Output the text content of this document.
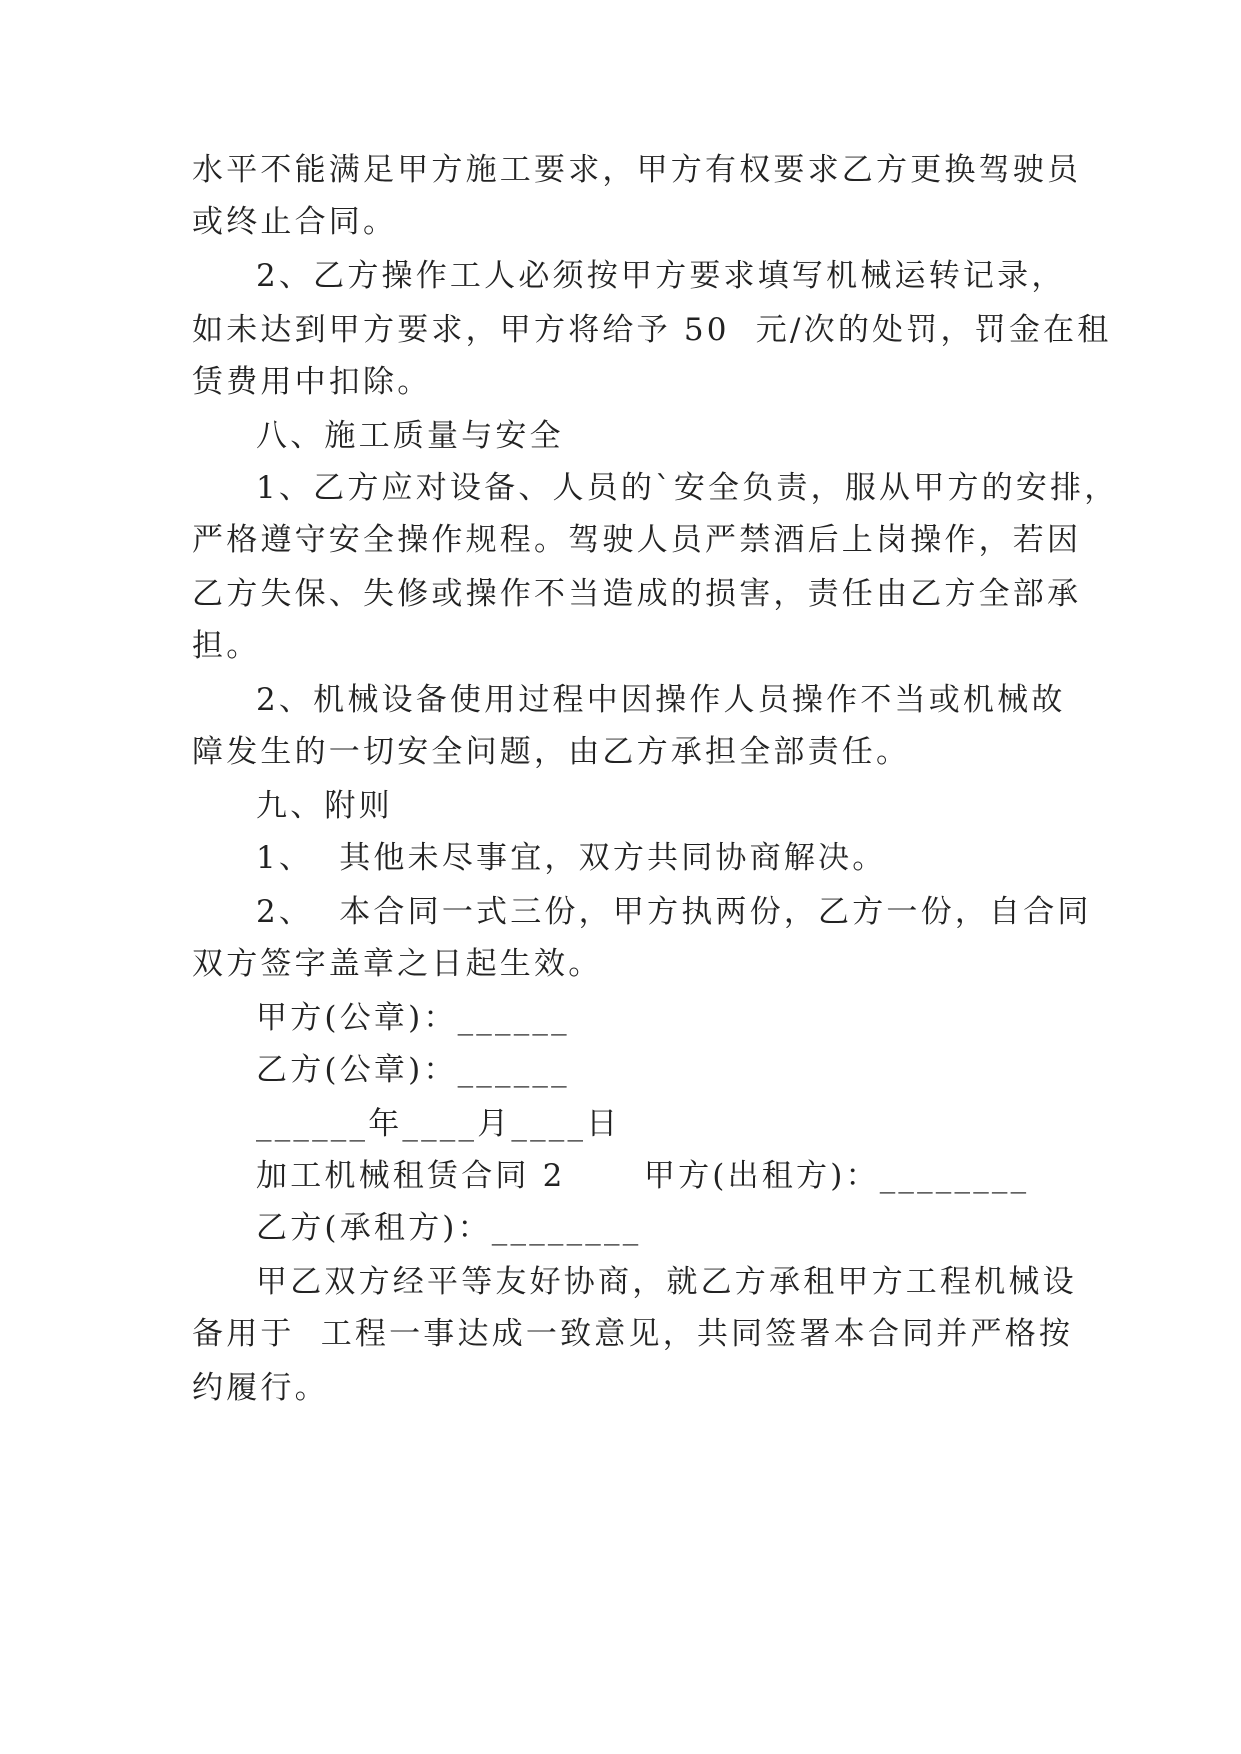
水平不能满足甲方施工要求，甲方有权要求乙方更换驾驶员
或终止合同。
2、乙方操作工人必须按甲方要求填写机械运转记录，
如未达到甲方要求，甲方将给予 50  元/次的处罚，罚金在租
赁费用中扣除。
八、施工质量与安全
1、乙方应对设备、人员的`安全负责，服从甲方的安排，
严格遵守安全操作规程。驾驶人员严禁酒后上岗操作，若因
乙方失保、失修或操作不当造成的损害，责任由乙方全部承
担。
2、机械设备使用过程中因操作人员操作不当或机械故
障发生的一切安全问题，由乙方承担全部责任。
九、附则
1、  其他未尽事宜，双方共同协商解决。
2、  本合同一式三份，甲方执两份，乙方一份，自合同
双方签字盖章之日起生效。
甲方(公章)：______
乙方(公章)：______
______年____月____日
加工机械租赁合同 2      甲方(出租方)：________
乙方(承租方)：________
甲乙双方经平等友好协商，就乙方承租甲方工程机械设
备用于  工程一事达成一致意见，共同签署本合同并严格按
约履行。
